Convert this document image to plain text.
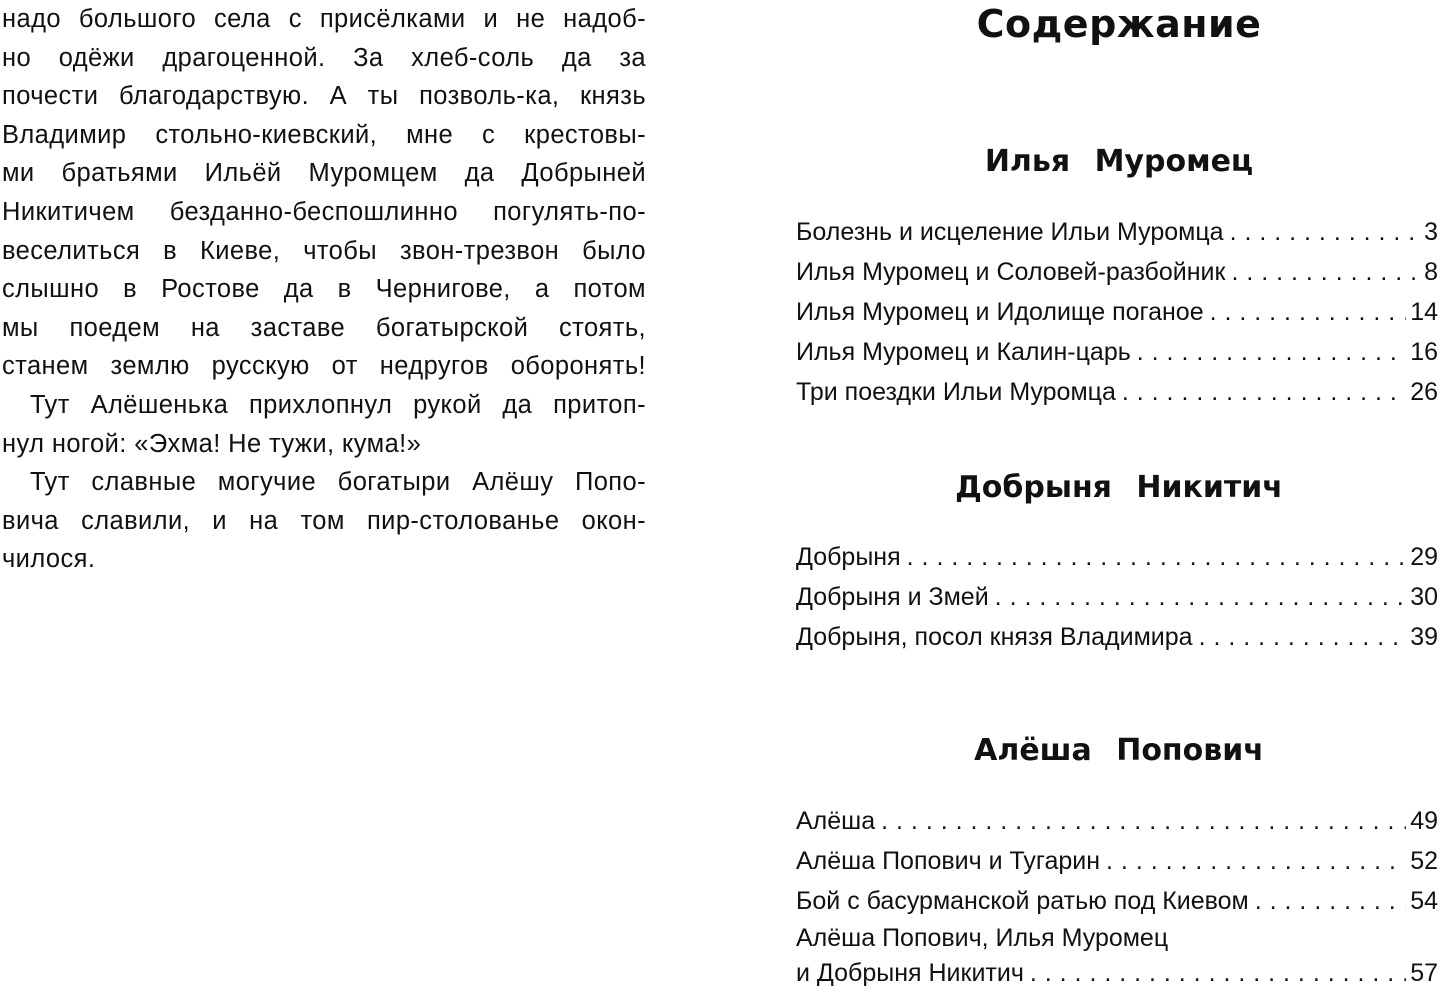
надо большого села с присёлками и не надоб-
но одёжи драгоценной. За хлеб-соль да за
почести благодарствую. А ты позволь-ка, князь
Владимир стольно-киевский, мне с крестовы-
ми братьями Ильёй Муромцем да Добрыней
Никитичем безданно-беспошлинно погулять-по-
веселиться в Киеве, чтобы звон-трезвон было
слышно в Ростове да в Чернигове, а потом
мы поедем на заставе богатырской стоять,
станем землю русскую от недругов оборонять!
Тут Алёшенька прихлопнул рукой да притоп-
нул ногой: «Эхма! Не тужи, кума!»
Тут славные могучие богатыри Алёшу Попо-
вича славили, и на том пир-столованье окон-
чилося.
Содержание
Илья Муромец
Болезнь и исцеление Ильи Муромца . . .	3
Илья Муромец и Соловей-разбойник . . .	8
Илья Муромец и Идолище поганое . . .	14
Илья Муромец и Калин-царь . . .	16
Три поездки Ильи Муромца . . .	26
Добрыня Никитич
Добрыня . . .	29
Добрыня и Змей . . .	30
Добрыня, посол князя Владимира . . .	39
Алёша Попович
Алёша . . .	49
Алёша Попович и Тугарин . . .	52
Бой с басурманской ратью под Киевом . . .	54
Алёша Попович, Илья Муромец
и Добрыня Никитич . . .	57
